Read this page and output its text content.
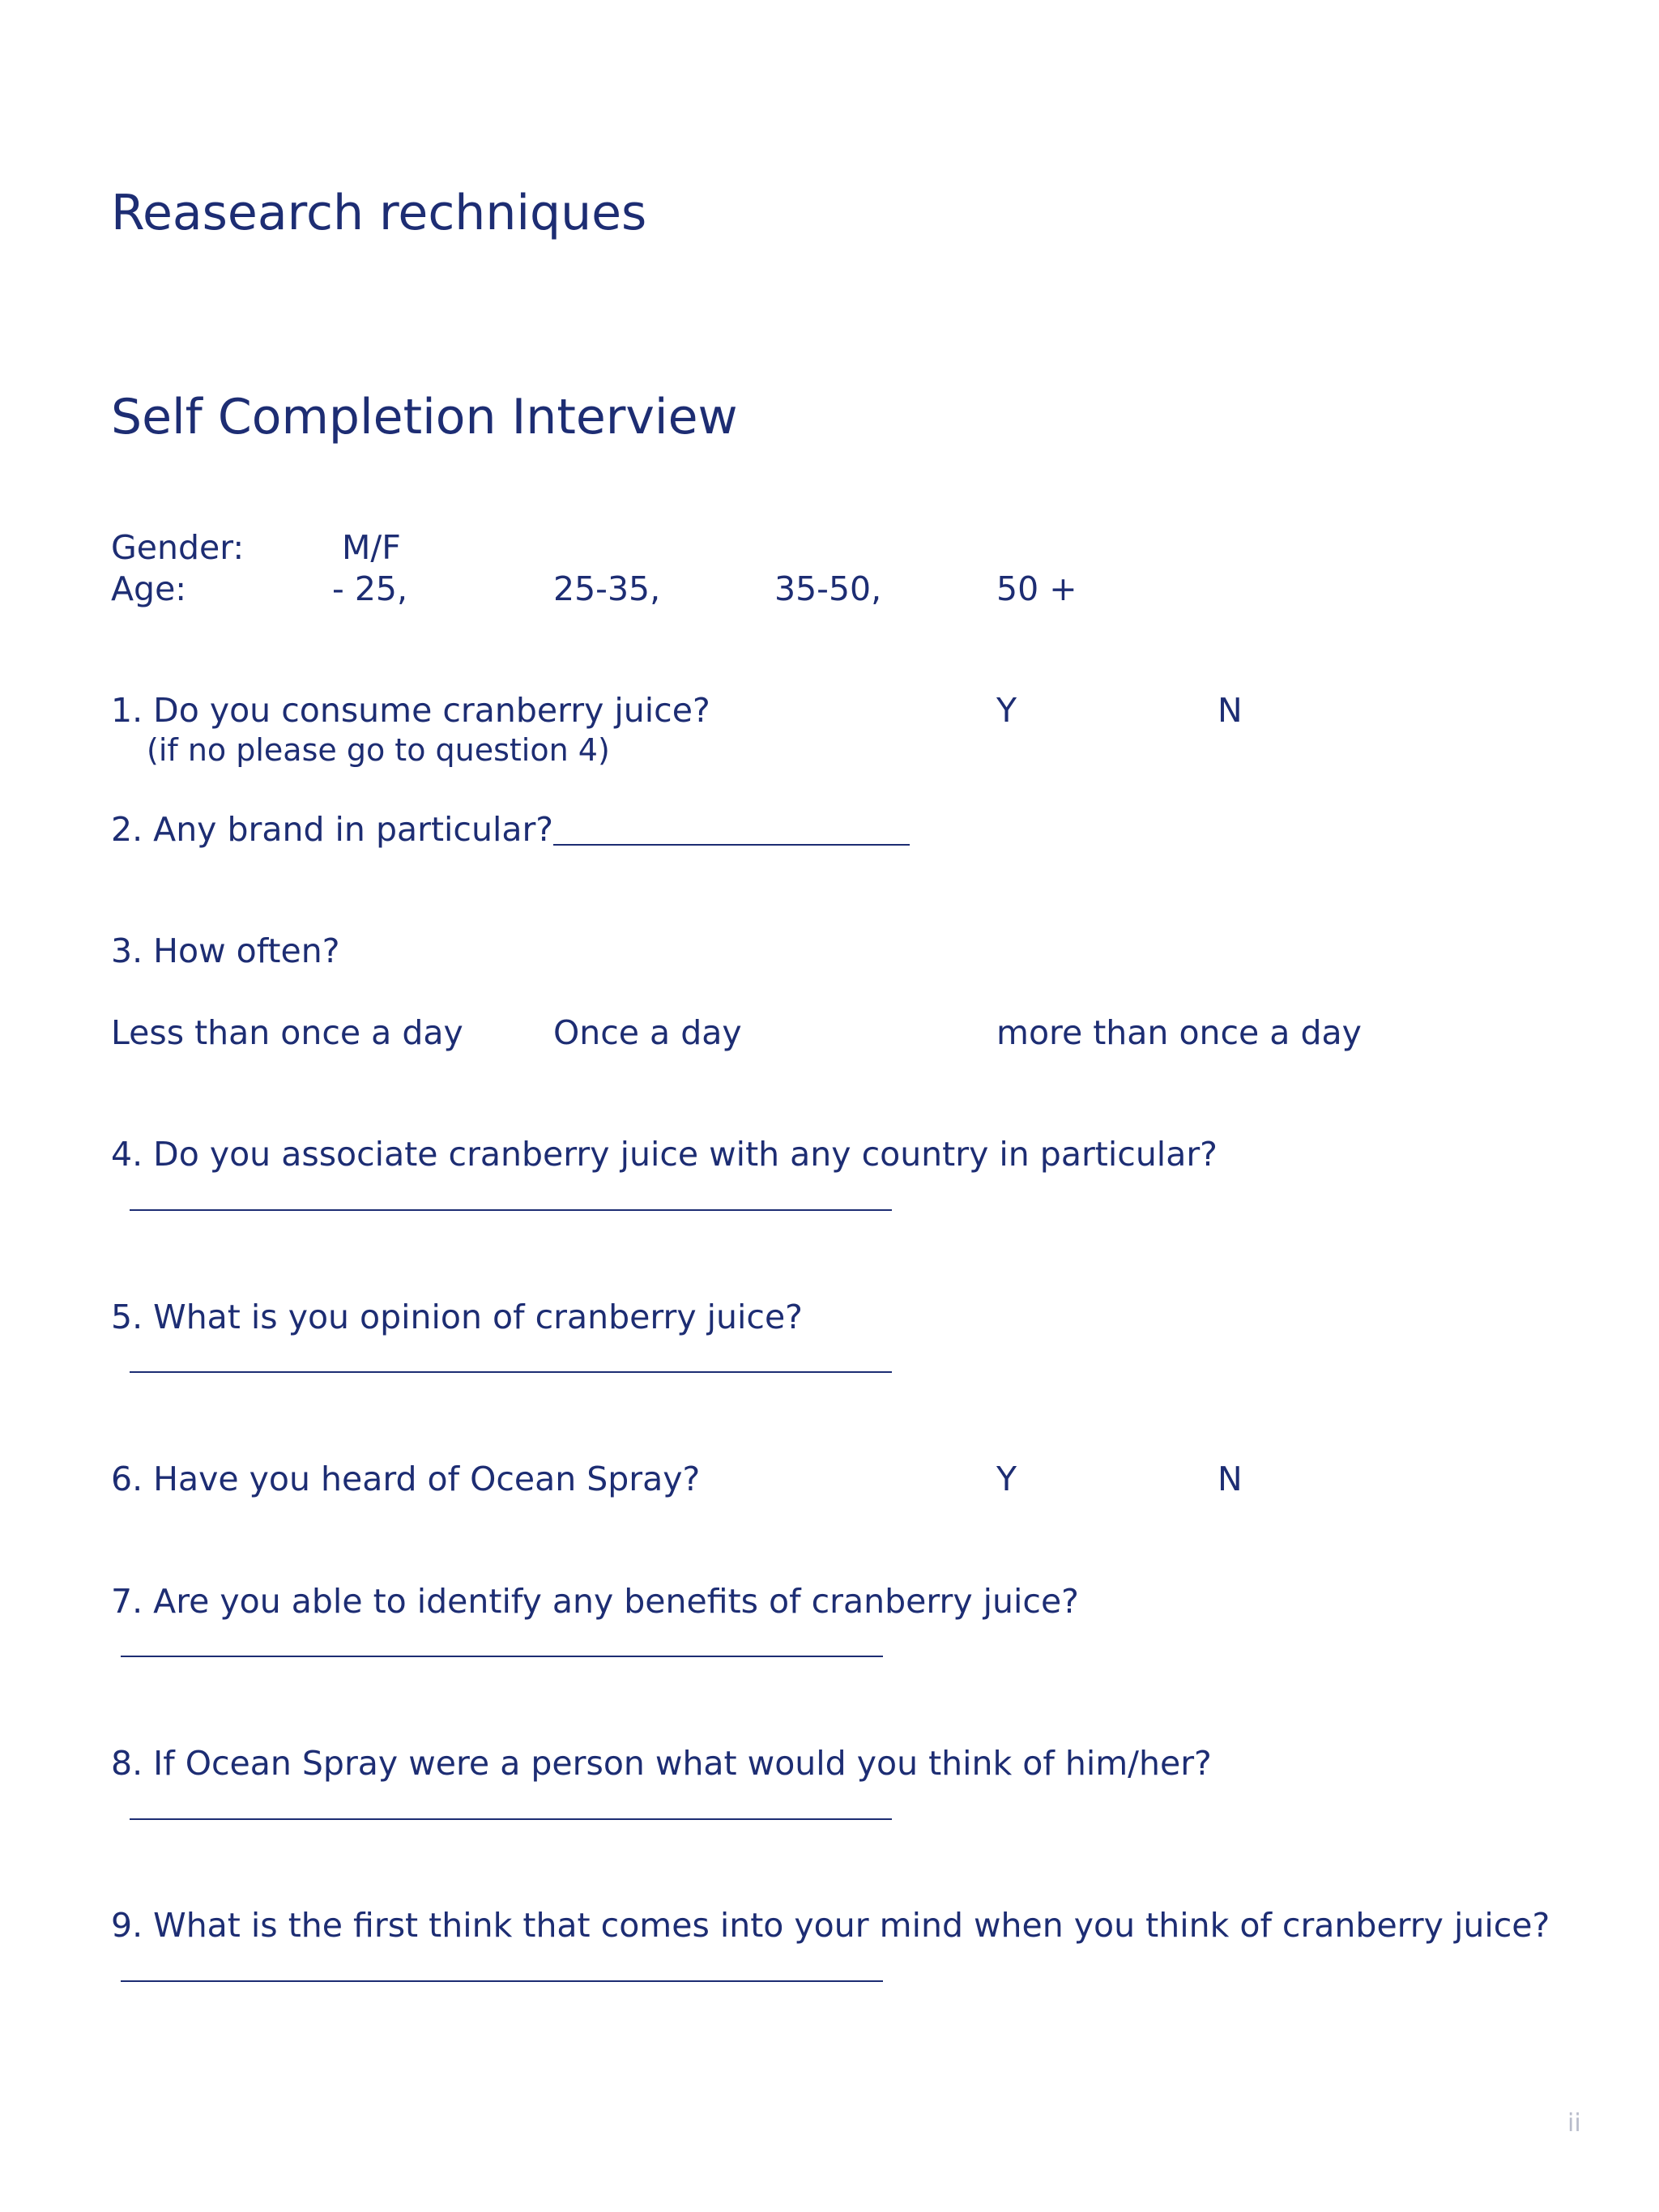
Reasearch rechniques
Self Completion Interview
Gender:	M/F
Age:	- 25,	25-35,	35-50,	50 +
1. Do you consume cranberry juice?
(if no please go to question 4)
Y	N
2. Any brand in particular?
3. How often?
Less than once a day	Once a day	more than once a day
4. Do you associate cranberry juice with any country in particular?
5. What is you opinion of cranberry juice?
6. Have you heard of Ocean Spray?	Y	N
7. Are you able to identify any benefits of cranberry juice?
8. If Ocean Spray were a person what would you think of him/her?
9. What is the first think that comes into your mind when you think of cranberry juice?
ii
